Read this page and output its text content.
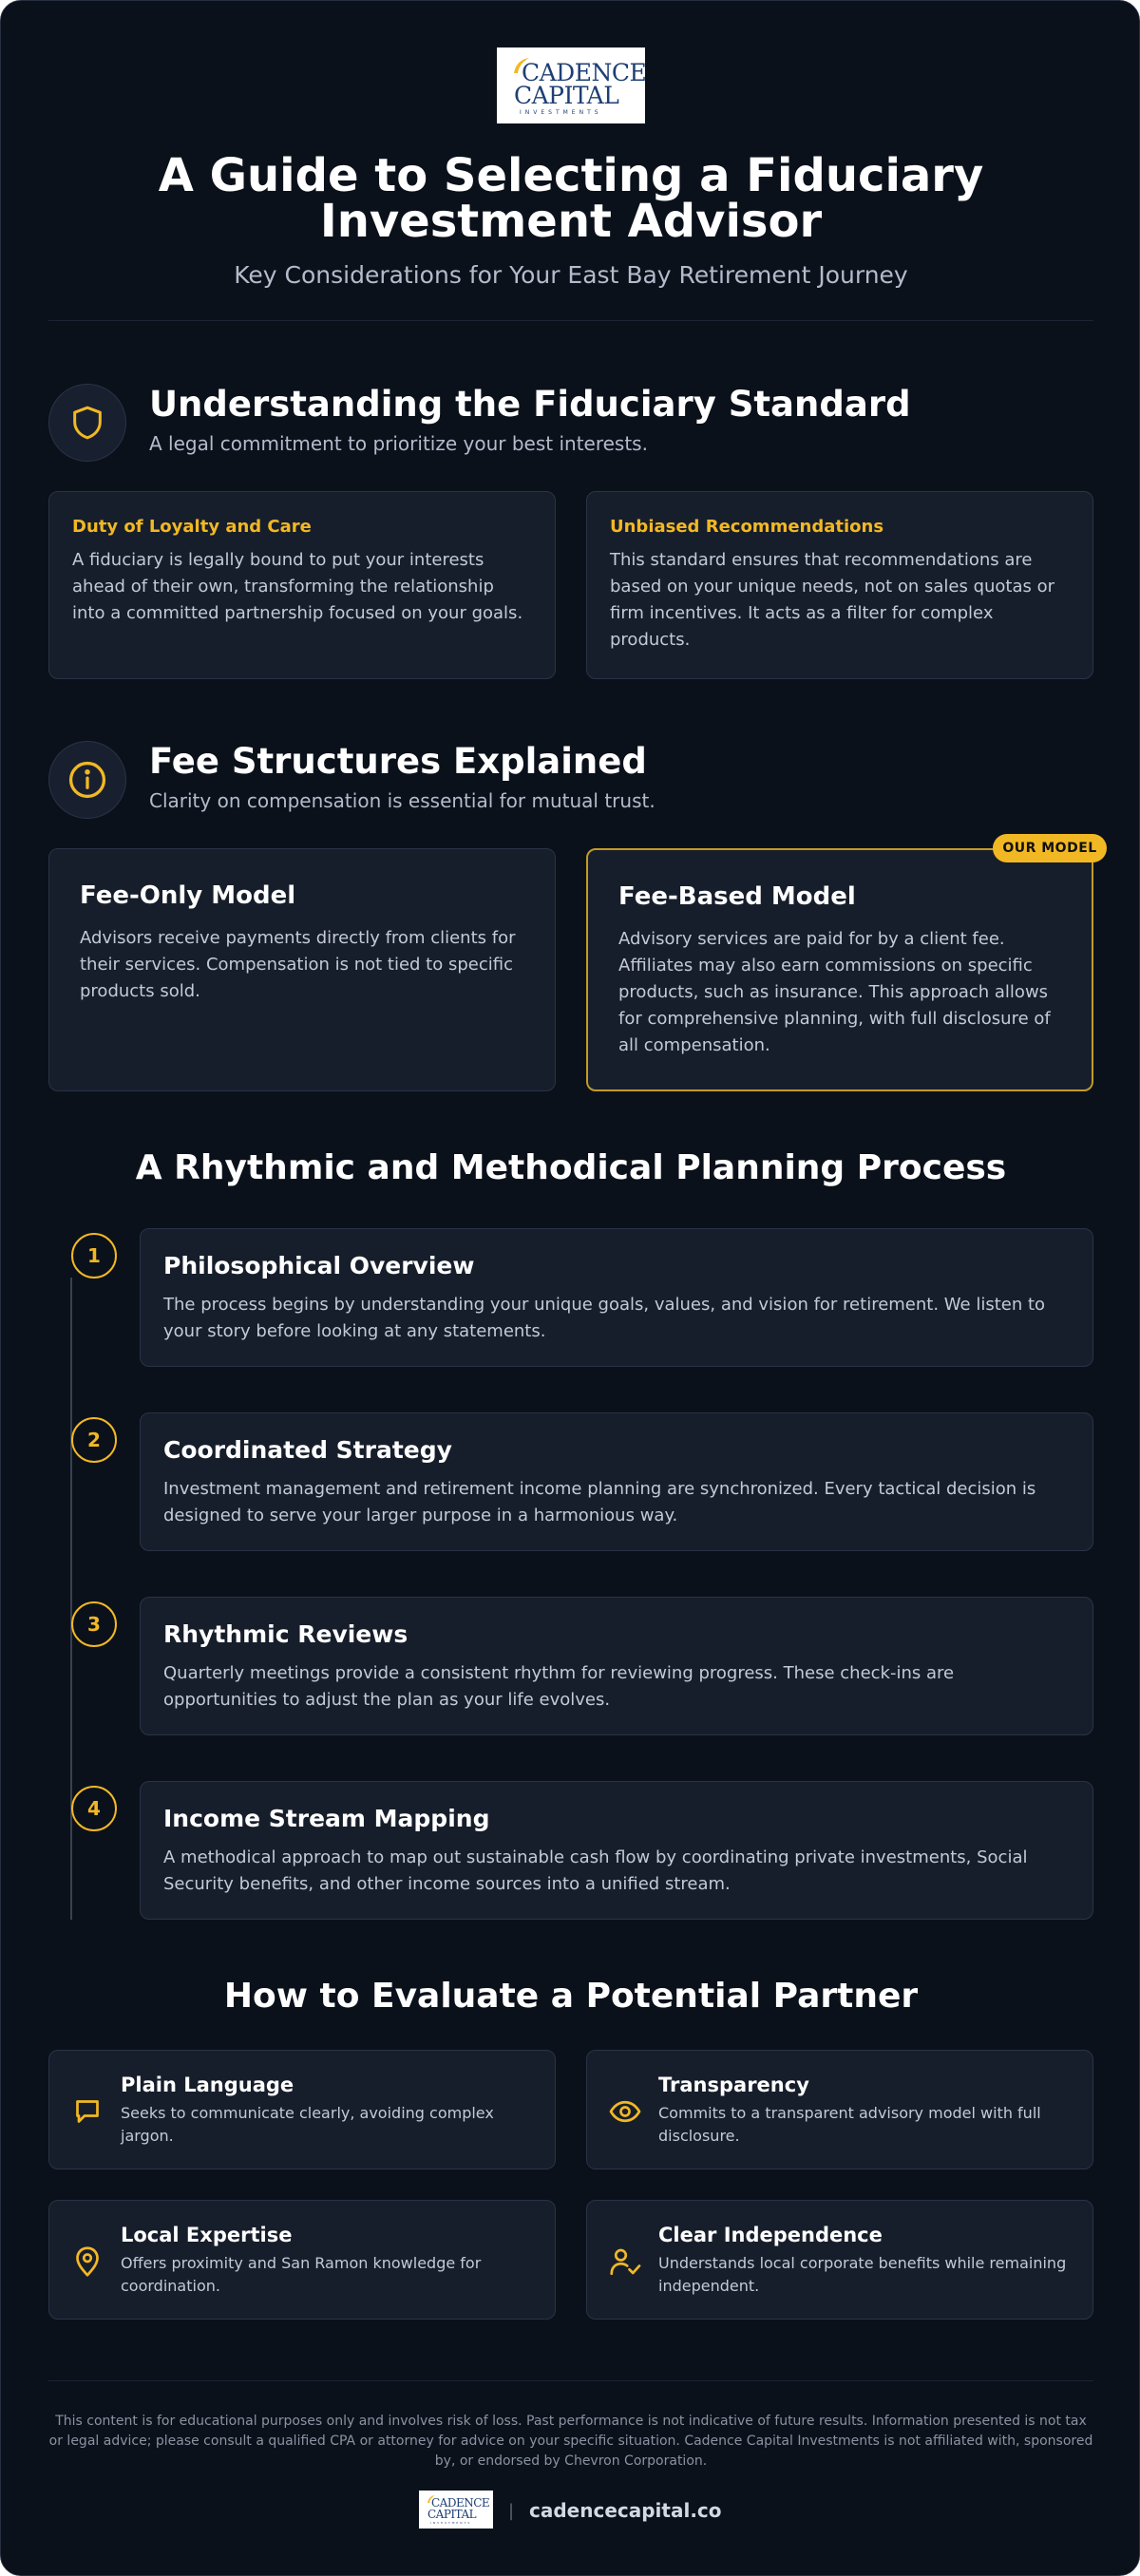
CADENCE
CAPITAL
INVESTMENTS
A Guide to Selecting a Fiduciary
Investment Advisor
Key Considerations for Your East Bay Retirement Journey
Understanding the Fiduciary Standard
A legal commitment to prioritize your best interests.
Duty of Loyalty and Care
A fiduciary is legally bound to put your interests
ahead of their own, transforming the relationship
into a committed partnership focused on your goals.
Unbiased Recommendations
This standard ensures that recommendations are
based on your unique needs, not on sales quotas or
firm incentives. It acts as a filter for complex
products.
Fee Structures Explained
Clarity on compensation is essential for mutual trust.
Fee-Only Model
Advisors receive payments directly from clients for
their services. Compensation is not tied to specific
products sold.
Fee-Based Model
Advisory services are paid for by a client fee.
Affiliates may also earn commissions on specific
products, such as insurance. This approach allows
for comprehensive planning, with full disclosure of
all compensation.
OUR MODEL
A Rhythmic and Methodical Planning Process
1	Philosophical Overview
The process begins by understanding your unique goals, values, and vision for retirement. We listen to
your story before looking at any statements.
2	Coordinated Strategy
Investment management and retirement income planning are synchronized. Every tactical decision is
designed to serve your larger purpose in a harmonious way.
3	Rhythmic Reviews
Quarterly meetings provide a consistent rhythm for reviewing progress. These check-ins are
opportunities to adjust the plan as your life evolves.
4	Income Stream Mapping
A methodical approach to map out sustainable cash flow by coordinating private investments, Social
Security benefits, and other income sources into a unified stream.
How to Evaluate a Potential Partner
Plain Language
Seeks to communicate clearly, avoiding complex
jargon.
Transparency
Commits to a transparent advisory model with full
disclosure.
Local Expertise
Offers proximity and San Ramon knowledge for
coordination.
Clear Independence
Understands local corporate benefits while remaining
independent.
This content is for educational purposes only and involves risk of loss. Past performance is not indicative of future results. Information presented is not tax
or legal advice; please consult a qualified CPA or attorney for advice on your specific situation. Cadence Capital Investments is not affiliated with, sponsored
by, or endorsed by Chevron Corporation.
CADENCE
CAPITAL
INVESTMENTS
| cadencecapital.co
